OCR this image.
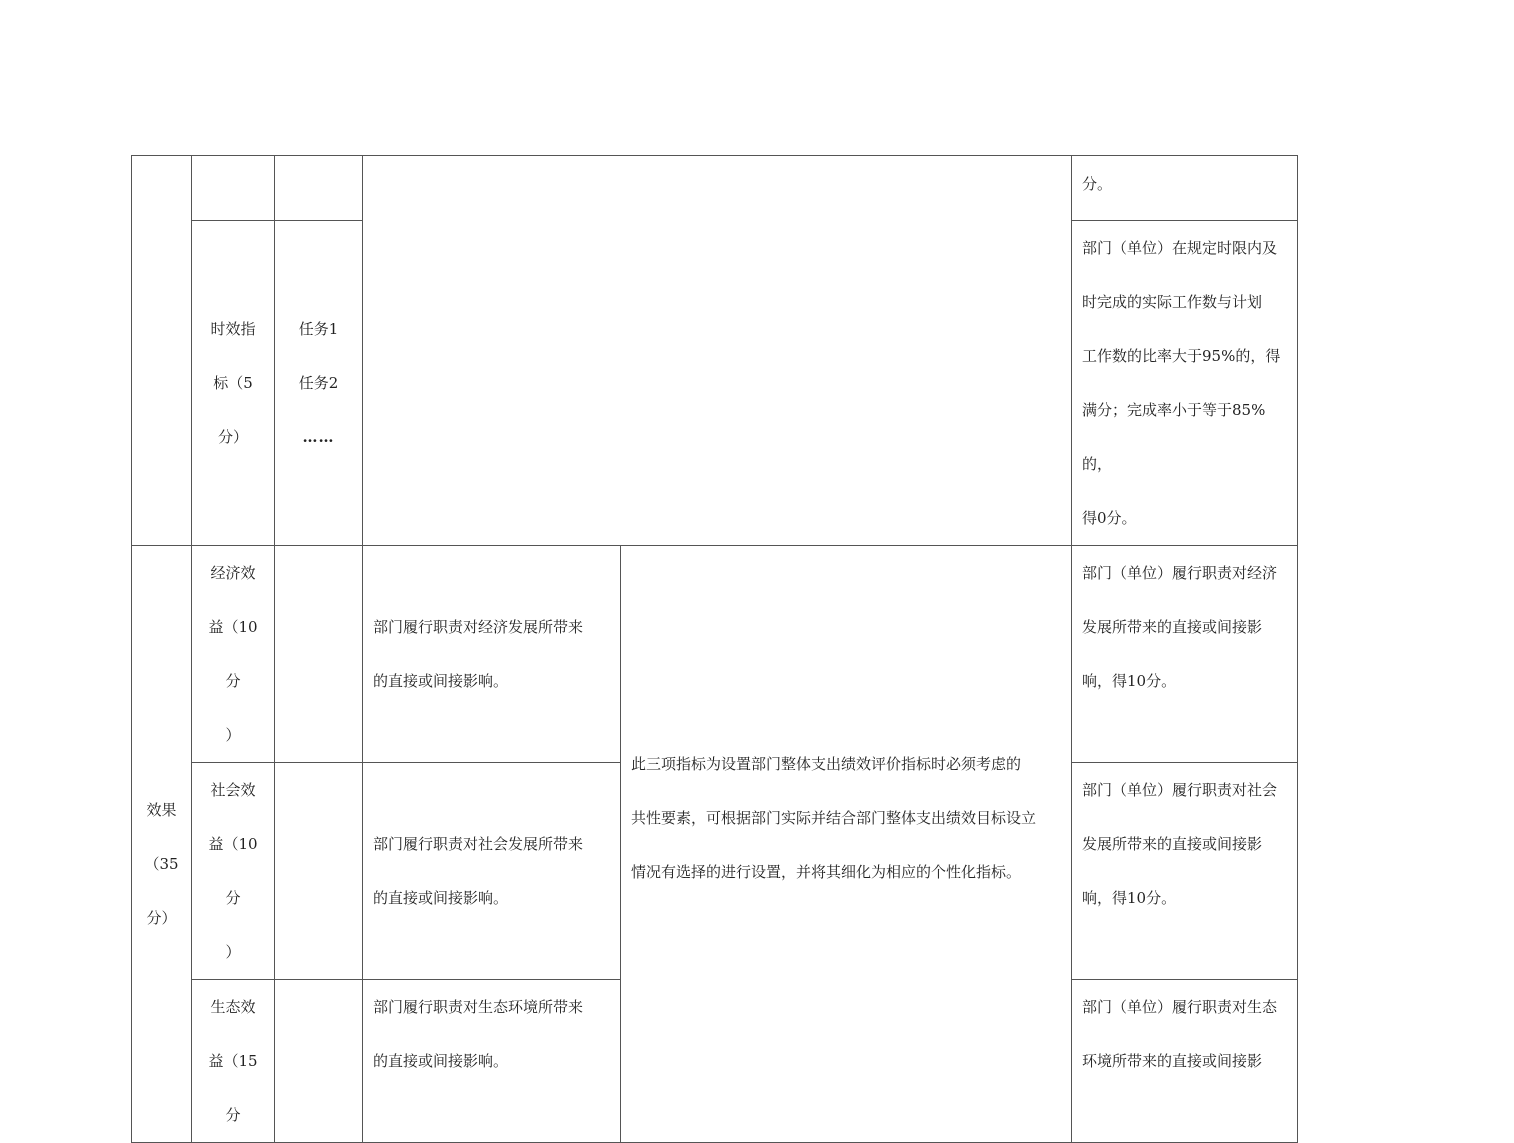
					分。

	时效指
标（5分）	任务1
任务2
……			部门（单位）在规定时限内及
时完成的实际工作数与计划
工作数的比率大于95%的，得
满分；完成率小于等于85%的，
得0分。

效果
（35
分）	经济效
益（10分
）		部门履行职责对经济发展所带来
的直接或间接影响。	此三项指标为设置部门整体支出绩效评价指标时必须考虑的
共性要素，可根据部门实际并结合部门整体支出绩效目标设立
情况有选择的进行设置，并将其细化为相应的个性化指标。	部门（单位）履行职责对经济
发展所带来的直接或间接影
响，得10分。

	社会效
益（10分
）		部门履行职责对社会发展所带来
的直接或间接影响。		部门（单位）履行职责对社会
发展所带来的直接或间接影
响，得10分。

	生态效
益（15分		部门履行职责对生态环境所带来
的直接或间接影响。		部门（单位）履行职责对生态
环境所带来的直接或间接影
